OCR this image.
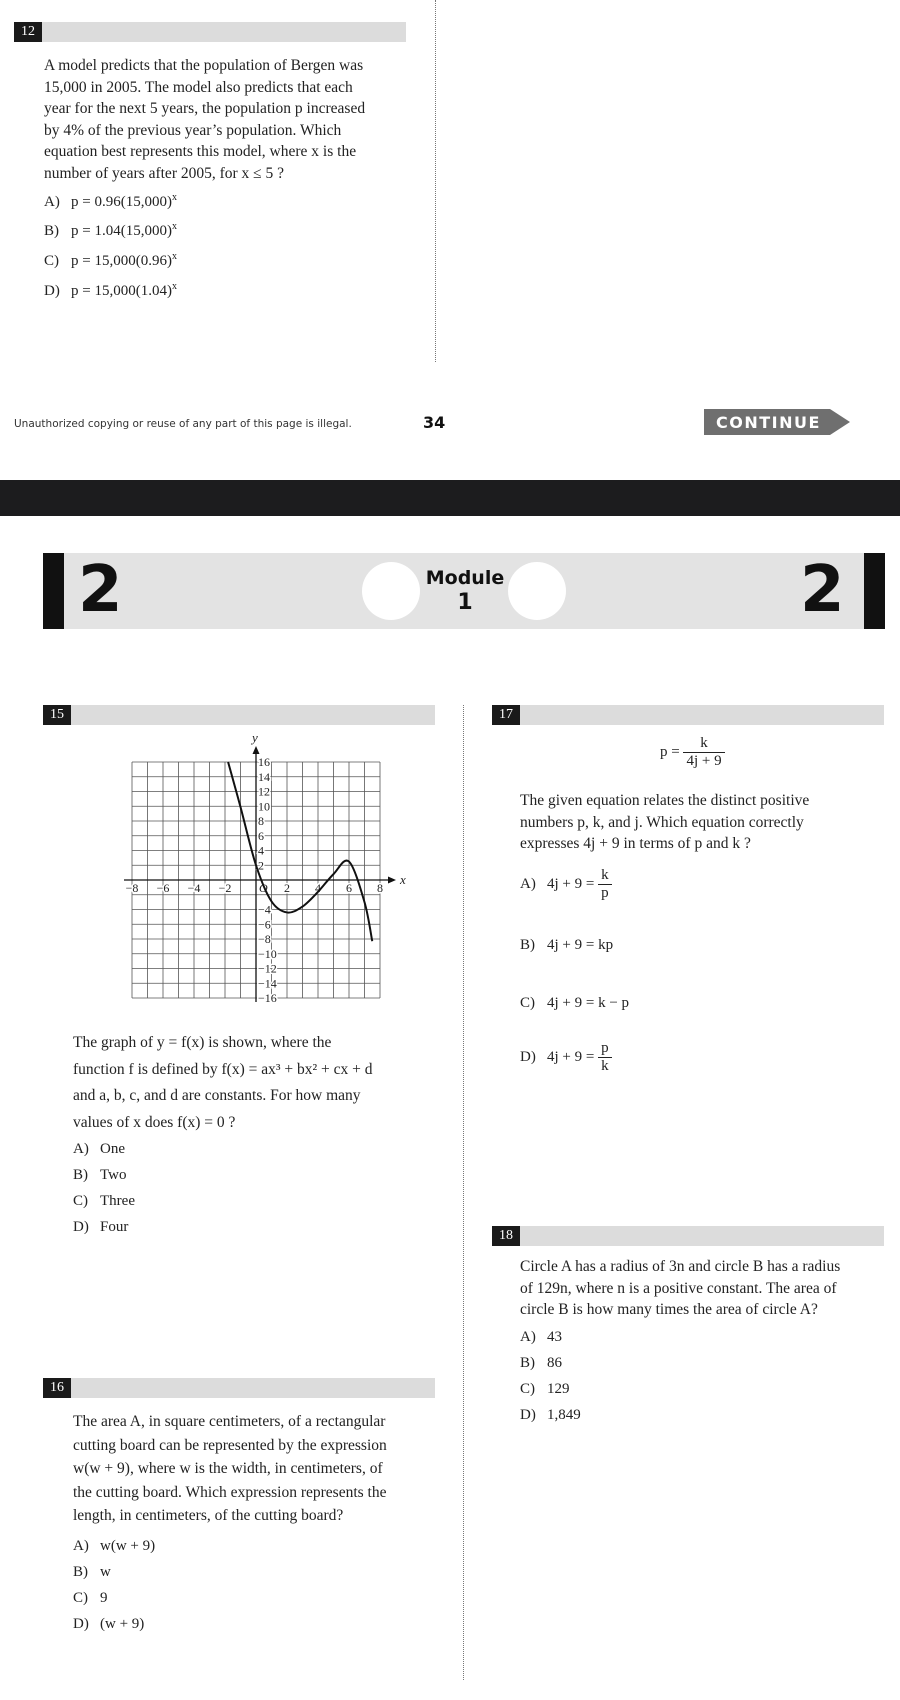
12
A model predicts that the population of Bergen was
15,000 in 2005. The model also predicts that each
year for the next 5 years, the population p increased
by 4% of the previous year’s population. Which
equation best represents this model, where x is the
number of years after 2005, for x ≤ 5 ?
A) $p = 0.96(15,000)^x$
B) $p = 1.04(15,000)^x$
C) $p = 15,000(0.96)^x$
D) $p = 15,000(1.04)^x$
Unauthorized copying or reuse of any part of this page is illegal.	34	CONTINUE
2	Module
1	2
15
x
y
O
−8 −6 −4 −2	2 4 6 8
16
14
12
10
8
6
4
2
−4
−6
−8
−10
−12
−14
−16
The graph of y = f(x) is shown, where the
function f is defined by f(x) = ax³ + bx² + cx + d
and a, b, c, and d are constants. For how many
values of x does f(x) = 0 ?
A) One
B) Two
C) Three
D) Four
16
The area A, in square centimeters, of a rectangular
cutting board can be represented by the expression
w(w + 9), where w is the width, in centimeters, of
the cutting board. Which expression represents the
length, in centimeters, of the cutting board?
A) w(w + 9)
B) w
C) 9
D) (w + 9)
17
$p = \frac{k}{4j + 9}$
The given equation relates the distinct positive
numbers p, k, and j. Which equation correctly
expresses 4j + 9 in terms of p and k ?
A) $4j + 9 = \frac{k}{p}$
B) 4j + 9 = kp
C) 4j + 9 = k − p
D) $4j + 9 = \frac{p}{k}$
18
Circle A has a radius of 3n and circle B has a radius
of 129n, where n is a positive constant. The area of
circle B is how many times the area of circle A?
A) 43
B) 86
C) 129
D) 1,849
